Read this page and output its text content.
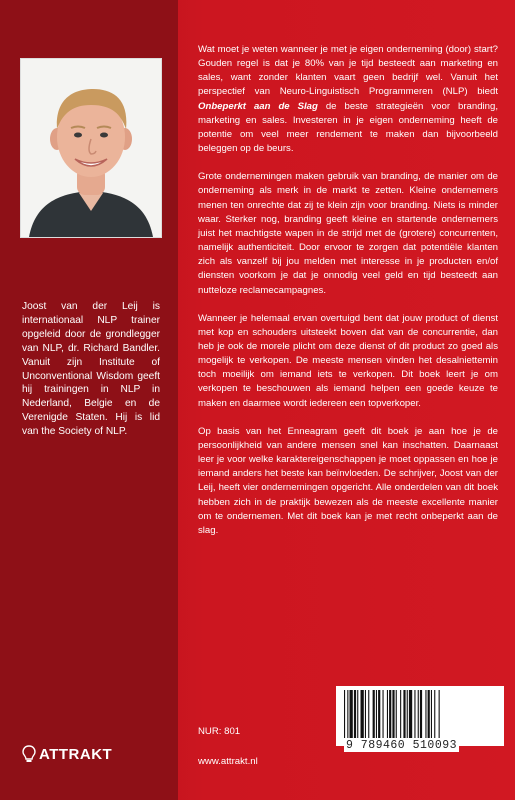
Joost van der Leij is internationaal NLP trainer opgeleid door de grondlegger van NLP, dr. Richard Bandler. Vanuit zijn Institute of Unconventional Wisdom geeft hij trainingen in NLP in Nederland, Belgie en de Verenigde Staten. Hij is lid van the Society of NLP.
ATTRAKT

Wat moet je weten wanneer je met je eigen onderneming (door) start? Gouden regel is dat je 80% van je tijd besteedt aan marketing en sales, want zonder klanten vaart geen bedrijf wel. Vanuit het perspectief van Neuro-Linguistisch Programmeren (NLP) biedt Onbeperkt aan de Slag de beste strategieën voor branding, marketing en sales. Investeren in je eigen onderneming heeft de potentie om veel meer rendement te maken dan bijvoorbeeld beleggen op de beurs.

Grote ondernemingen maken gebruik van branding, de manier om de onderneming als merk in de markt te zetten. Kleine ondernemers menen ten onrechte dat zij te klein zijn voor branding. Niets is minder waar. Sterker nog, branding geeft kleine en startende ondernemers juist het machtigste wapen in de strijd met de (grotere) concurrenten, namelijk authenticiteit. Door ervoor te zorgen dat potentiële klanten zich als vanzelf bij jou melden met interesse in je producten en/of diensten voorkom je dat je onnodig veel geld en tijd besteedt aan nutteloze reclamecampagnes.

Wanneer je helemaal ervan overtuigd bent dat jouw product of dienst met kop en schouders uitsteekt boven dat van de concurrentie, dan heb je ook de morele plicht om deze dienst of dit product zo goed als mogelijk te verkopen. De meeste mensen vinden het desalniettemin toch moeilijk om iemand iets te verkopen. Dit boek leert je om verkopen te beschouwen als iemand helpen een goede keuze te maken en daarmee wordt iedereen een topverkoper.

Op basis van het Enneagram geeft dit boek je aan hoe je de persoonlijkheid van andere mensen snel kan inschatten. Daarnaast leer je voor welke karaktereigenschappen je moet oppassen en hoe je iemand anders het beste kan beïnvloeden. De schrijver, Joost van der Leij, heeft vier ondernemingen opgericht. Alle onderdelen van dit boek hebben zich in de praktijk bewezen als de meeste excellente manier om te ondernemen. Met dit boek kan je met recht onbeperkt aan de slag.

NUR: 801
www.attrakt.nl
9 789460 510093
